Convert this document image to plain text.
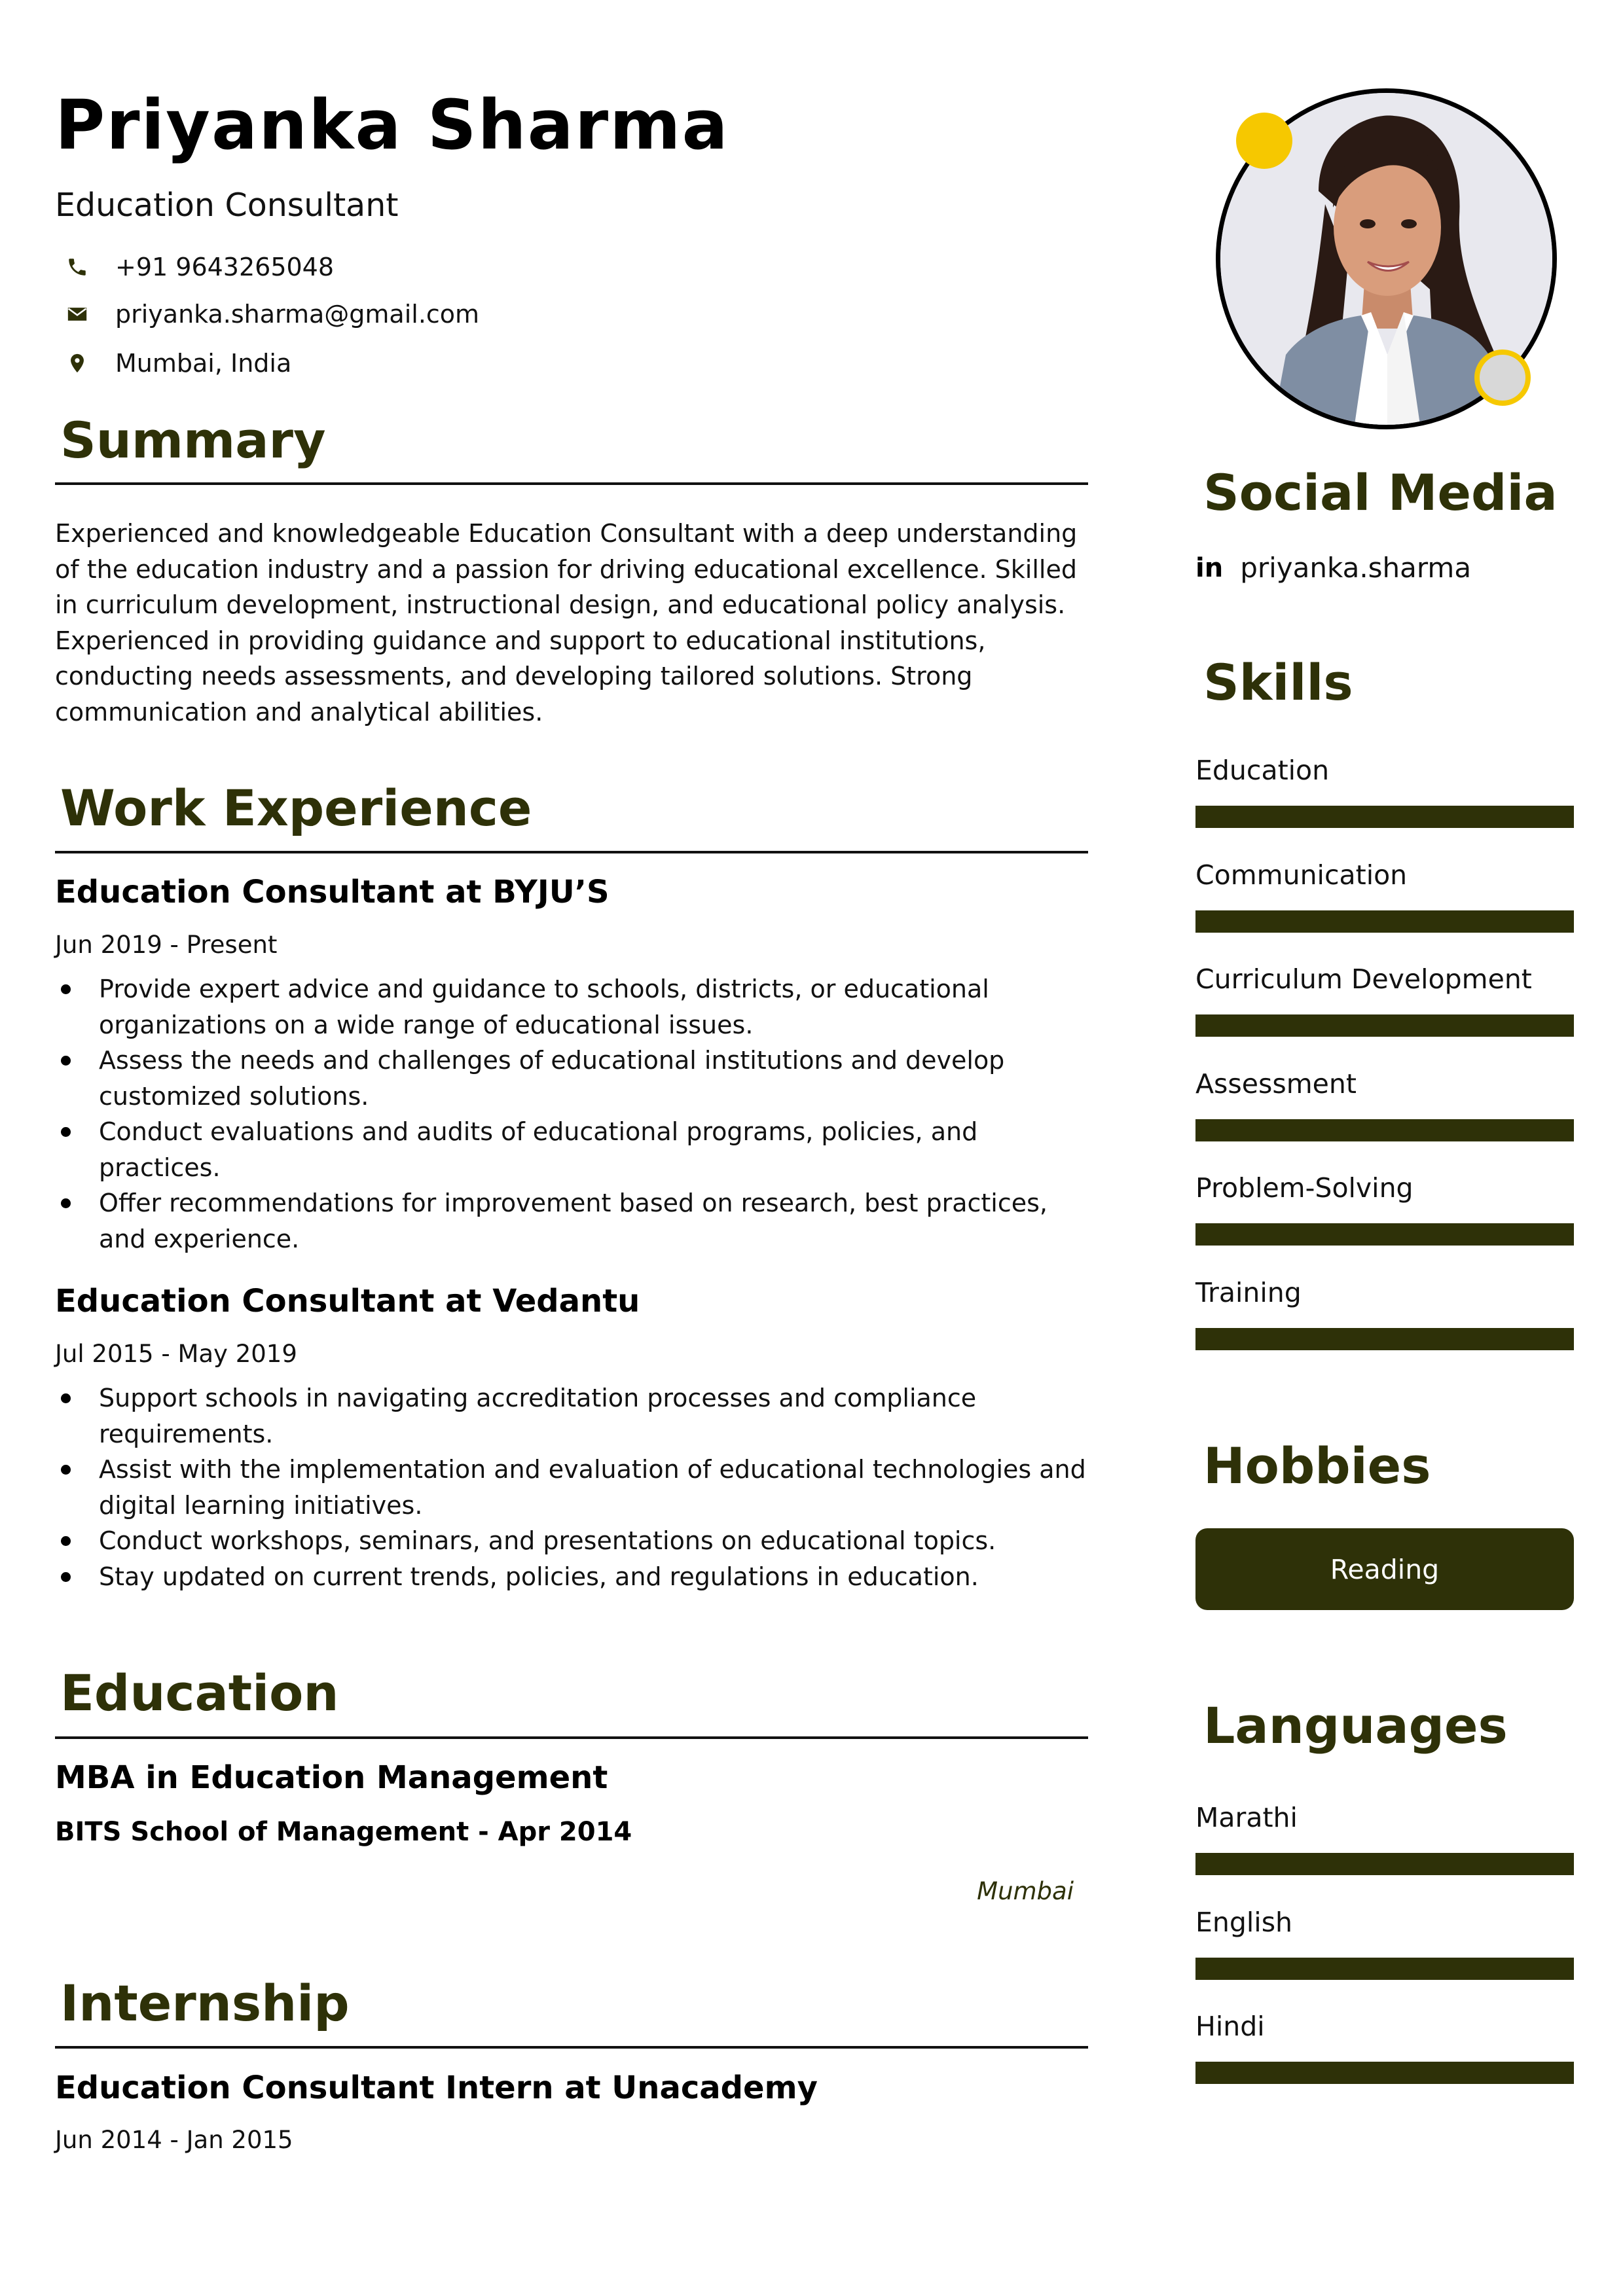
Priyanka Sharma
Education Consultant
+91 9643265048
priyanka.sharma@gmail.com
Mumbai, India
Summary
Experienced and knowledgeable Education Consultant with a deep understanding of the education industry and a passion for driving educational excellence. Skilled in curriculum development, instructional design, and educational policy analysis. Experienced in providing guidance and support to educational institutions, conducting needs assessments, and developing tailored solutions. Strong communication and analytical abilities.
Work Experience
Education Consultant at BYJU’S
Jun 2019 - Present
Provide expert advice and guidance to schools, districts, or educational organizations on a wide range of educational issues.
Assess the needs and challenges of educational institutions and develop customized solutions.
Conduct evaluations and audits of educational programs, policies, and practices.
Offer recommendations for improvement based on research, best practices, and experience.
Education Consultant at Vedantu
Jul 2015 - May 2019
Support schools in navigating accreditation processes and compliance requirements.
Assist with the implementation and evaluation of educational technologies and digital learning initiatives.
Conduct workshops, seminars, and presentations on educational topics.
Stay updated on current trends, policies, and regulations in education.
Education
MBA in Education Management
BITS School of Management - Apr 2014
Mumbai
Internship
Education Consultant Intern at Unacademy
Jun 2014 - Jan 2015
Social Media
in priyanka.sharma
Skills
Education
Communication
Curriculum Development
Assessment
Problem-Solving
Training
Hobbies
Reading
Languages
Marathi
English
Hindi
